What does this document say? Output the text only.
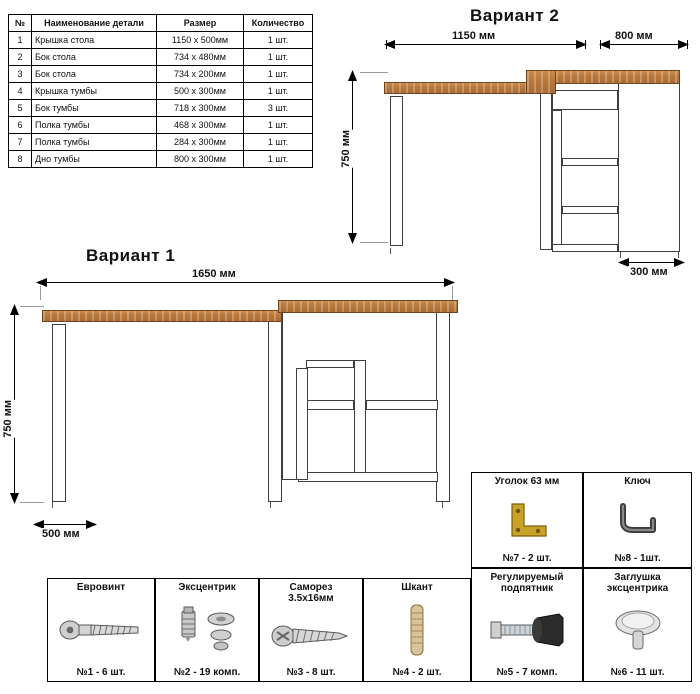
№	Наименование детали	Размер	Количество
1	Крышка стола	1150 x 500мм	1 шт.
2	Бок стола	734 x 480мм	1 шт.
3	Бок стола	734 x 200мм	1 шт.
4	Крышка тумбы	500 x 300мм	1 шт.
5	Бок тумбы	718 x 300мм	3 шт.
6	Полка тумбы	468 x 300мм	1 шт.
7	Полка тумбы	284 x 300мм	1 шт.
8	Дно тумбы	800 x 300мм	1 шт.
Вариант 2
1150 мм	800 мм
750 мм
300 мм
Вариант 1
1650 мм
750 мм
500 мм
Уголок 63 мм
№7 - 2 шт.
Ключ
№8 - 1шт.
Евровинт
№1 - 6 шт.
Эксцентрик
№2 - 19 комп.
Саморез
3.5x16мм
№3 - 8 шт.
Шкант
№4 - 2 шт.
Регулируемый
подпятник
№5 - 7 комп.
Заглушка
эксцентрика
№6 - 11 шт.
